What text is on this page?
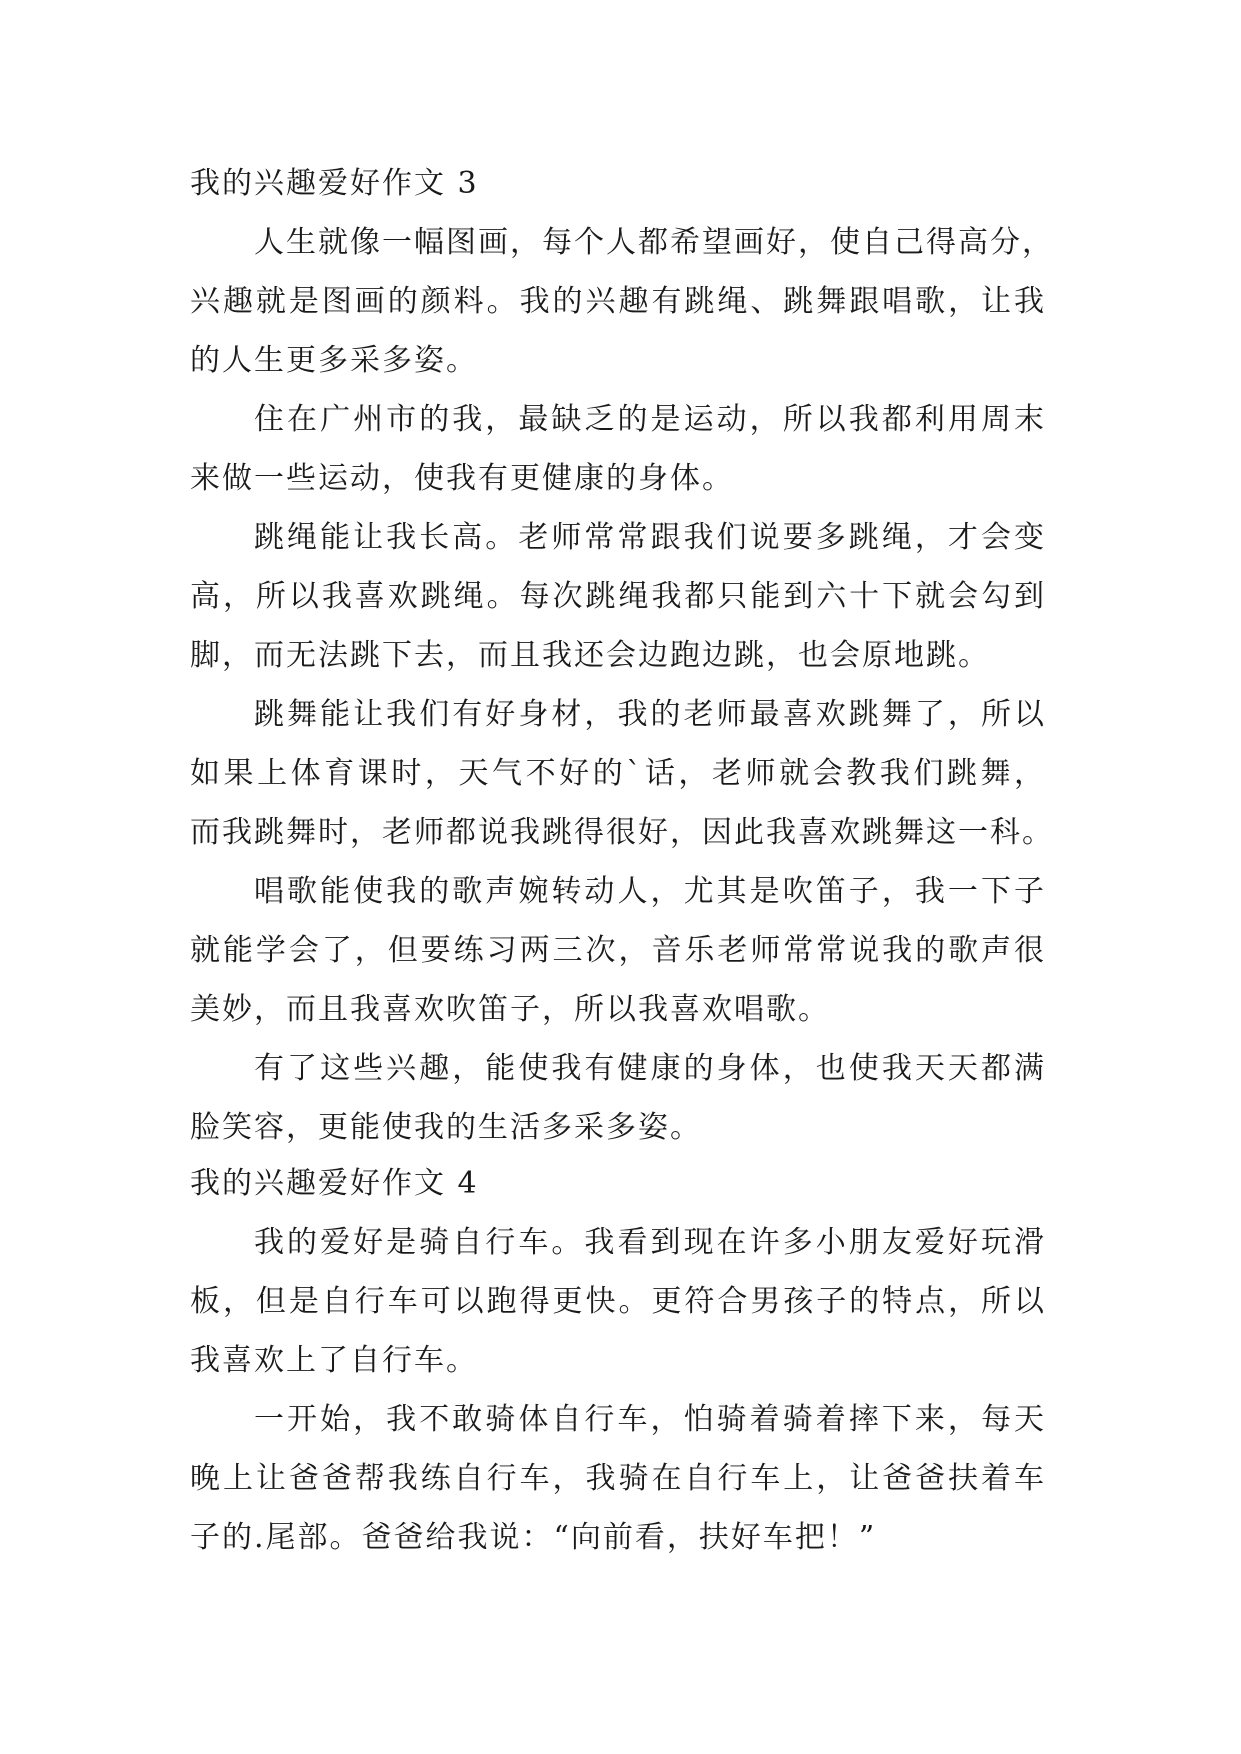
我的兴趣爱好作文 3

人生就像一幅图画，每个人都希望画好，使自己得高分，

兴趣就是图画的颜料。我的兴趣有跳绳、跳舞跟唱歌，让我

的人生更多采多姿。

住在广州市的我，最缺乏的是运动，所以我都利用周末

来做一些运动，使我有更健康的身体。

跳绳能让我长高。老师常常跟我们说要多跳绳，才会变

高，所以我喜欢跳绳。每次跳绳我都只能到六十下就会勾到

脚，而无法跳下去，而且我还会边跑边跳，也会原地跳。

跳舞能让我们有好身材，我的老师最喜欢跳舞了，所以

如果上体育课时，天气不好的`话，老师就会教我们跳舞，

而我跳舞时，老师都说我跳得很好，因此我喜欢跳舞这一科。

唱歌能使我的歌声婉转动人，尤其是吹笛子，我一下子

就能学会了，但要练习两三次，音乐老师常常说我的歌声很

美妙，而且我喜欢吹笛子，所以我喜欢唱歌。

有了这些兴趣，能使我有健康的身体，也使我天天都满

脸笑容，更能使我的生活多采多姿。

我的兴趣爱好作文 4

我的爱好是骑自行车。我看到现在许多小朋友爱好玩滑

板，但是自行车可以跑得更快。更符合男孩子的特点，所以

我喜欢上了自行车。

一开始，我不敢骑体自行车，怕骑着骑着摔下来，每天

晚上让爸爸帮我练自行车，我骑在自行车上，让爸爸扶着车

子的.尾部。爸爸给我说：“向前看，扶好车把！”
